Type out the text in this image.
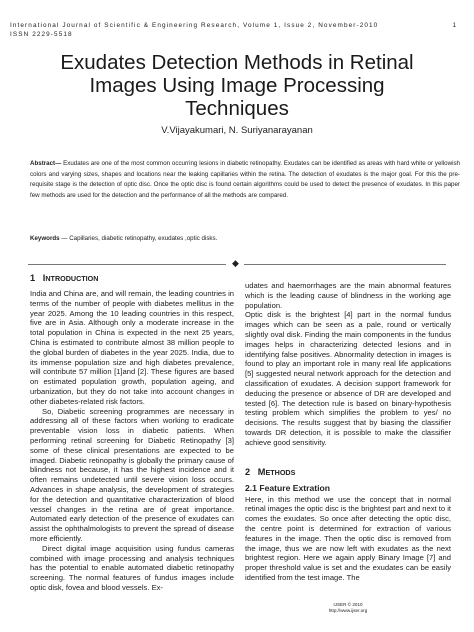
International Journal of Scientific & Engineering Research, Volume 1, Issue 2, November-2010
ISSN 2229-5518
1
Exudates Detection Methods in Retinal Images Using Image Processing Techniques
V.Vijayakumari, N. Suriyanarayanan
Abstract— Exudates are one of the most common occurring lesions in diabetic retinopathy. Exudates can be identified as areas with hard white or yellowish colors and varying sizes, shapes and locations near the leaking capillaries within the retina. The detection of exudates is the major goal. For this the pre-requisite stage is the detection of optic disc. Once the optic disc is found certain algorithms could be used to detect the presence of exudates. In this paper few methods are used for the detection and the performance of all the methods are compared.
Keywords — Capillaries, diabetic retinopathy, exudates ,optic disks.
◆
1 INTRODUCTION

India and China are, and will remain, the leading countries in terms of the number of people with diabetes mellitus in the year 2025. Among the 10 leading countries in this respect, five are in Asia. Although only a moderate increase in the total population in China is expected in the next 25 years, China is estimated to contribute almost 38 million people to the global burden of diabetes in the year 2025. India, due to its immense population size and high diabetes prevalence, will contribute 57 million [1]and [2]. These figures are based on estimated population growth, population ageing, and urbanization, but they do not take into account changes in other diabetes-related risk factors.

So, Diabetic screening programmes are necessary in addressing all of these factors when working to eradicate preventable vision loss in diabetic patients. When performing retinal screening for Diabetic Retinopathy [3] some of these clinical presentations are expected to be imaged. Diabetic retinopathy is globally the primary cause of blindness not because, it has the highest incidence and it often remains undetected until severe vision loss occurs. Advances in shape analysis, the development of strategies for the detection and quantitative characterization of blood vessel changes in the retina are of great importance. Automated early detection of the presence of exudates can assist the ophthalmologists to prevent the spread of disease more efficiently.

Direct digital image acquisition using fundus cameras combined with image processing and analysis techniques has the potential to enable automated diabetic retinopathy screening. The normal features of fundus images include optic disk, fovea and blood vessels. Ex-

udates and haemorrhages are the main abnormal features which is the leading cause of blindness in the working age population.

Optic disk is the brightest [4] part in the normal fundus images which can be seen as a pale, round or vertically slightly oval disk. Finding the main components in the fundus images helps in characterizing detected lesions and in identifying false positives. Abnormality detection in images is found to play an important role in many real life applications [5] suggested neural network approach for the detection and classification of exudates. A decision support framework for deducing the presence or absence of DR are developed and tested [6]. The detection rule is based on binary-hypothesis testing problem which simplifies the problem to yes/ no decisions. The results suggest that by biasing the classifier towards DR detection, it is possible to make the classifier achieve good sensitivity.

2 METHODS
2.1 Feature Extration

Here, in this method we use the concept that in normal retinal images the optic disc is the brightest part and next to it comes the exudates. So once after detecting the optic disc, the centre point is determined for extraction of various features in the image. Then the optic disc is removed from the image, thus we are now left with exudates as the next brightest region. Here we again apply Binary Image [7] and proper threshold value is set and the exudates can be easily identified from the test image. The

IJSER © 2010
http://www.ijser.org
